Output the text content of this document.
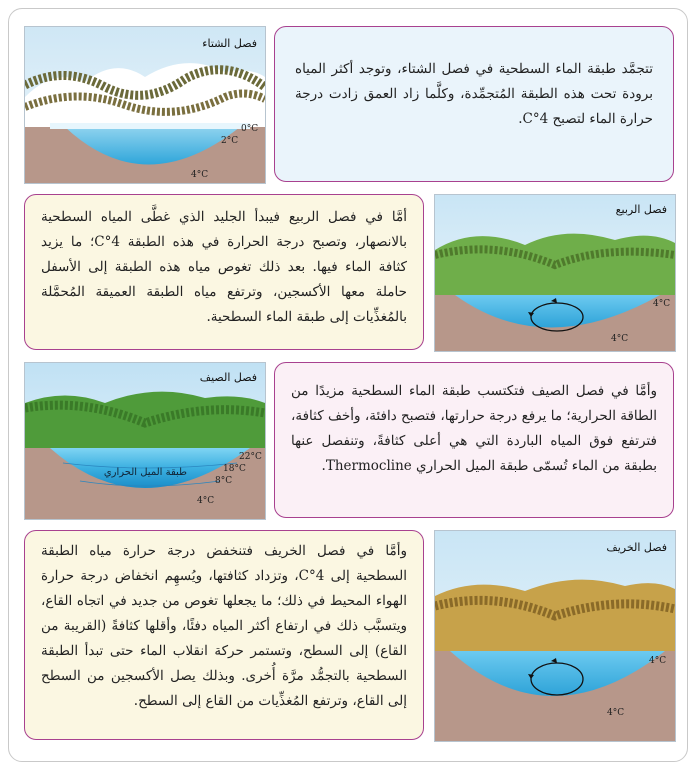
0°C
2°C
4°C
فصل الشتاء
تتجمَّد طبقة الماء السطحية في فصل الشتاء، وتوجد أكثر المياه برودة تحت هذه الطبقة المُتجمِّدة، وكلَّما زاد العمق زادت درجة حرارة الماء لتصبح 4°C.
أمَّا في فصل الربيع فيبدأ الجليد الذي غطَّى المياه السطحية بالانصهار، وتصبح درجة الحرارة في هذه الطبقة 4°C؛ ما يزيد كثافة الماء فيها. بعد ذلك تغوص مياه هذه الطبقة إلى الأسفل حاملة معها الأكسجين، وترتفع مياه الطبقة العميقة المُحمَّلة بالمُغذِّيات إلى طبقة الماء السطحية.
4°C
4°C
فصل الربيع
طبقة الميل الحراري
22°C
18°C
8°C
4°C
فصل الصيف
وأمَّا في فصل الصيف فتكتسب طبقة الماء السطحية مزيدًا من الطاقة الحرارية؛ ما يرفع درجة حرارتها، فتصبح دافئة، وأخف كثافة، فترتفع فوق المياه الباردة التي هي أعلى كثافةً، وتنفصل عنها بطبقة من الماء تُسمّى طبقة الميل الحراري Thermocline.
وأمَّا في فصل الخريف فتنخفض درجة حرارة مياه الطبقة السطحية إلى 4°C، وتزداد كثافتها، ويُسهِم انخفاض درجة حرارة الهواء المحيط في ذلك؛ ما يجعلها تغوص من جديد في اتجاه القاع، ويتسبَّب ذلك في ارتفاع أكثر المياه دفئًا، وأقلها كثافةً (القريبة من القاع) إلى السطح، وتستمر حركة انقلاب الماء حتى تبدأ الطبقة السطحية بالتجمُّد مرَّة أُخرى. وبذلك يصل الأكسجين من السطح إلى القاع، وترتفع المُغذِّيات من القاع إلى السطح.
4°C
4°C
فصل الخريف
